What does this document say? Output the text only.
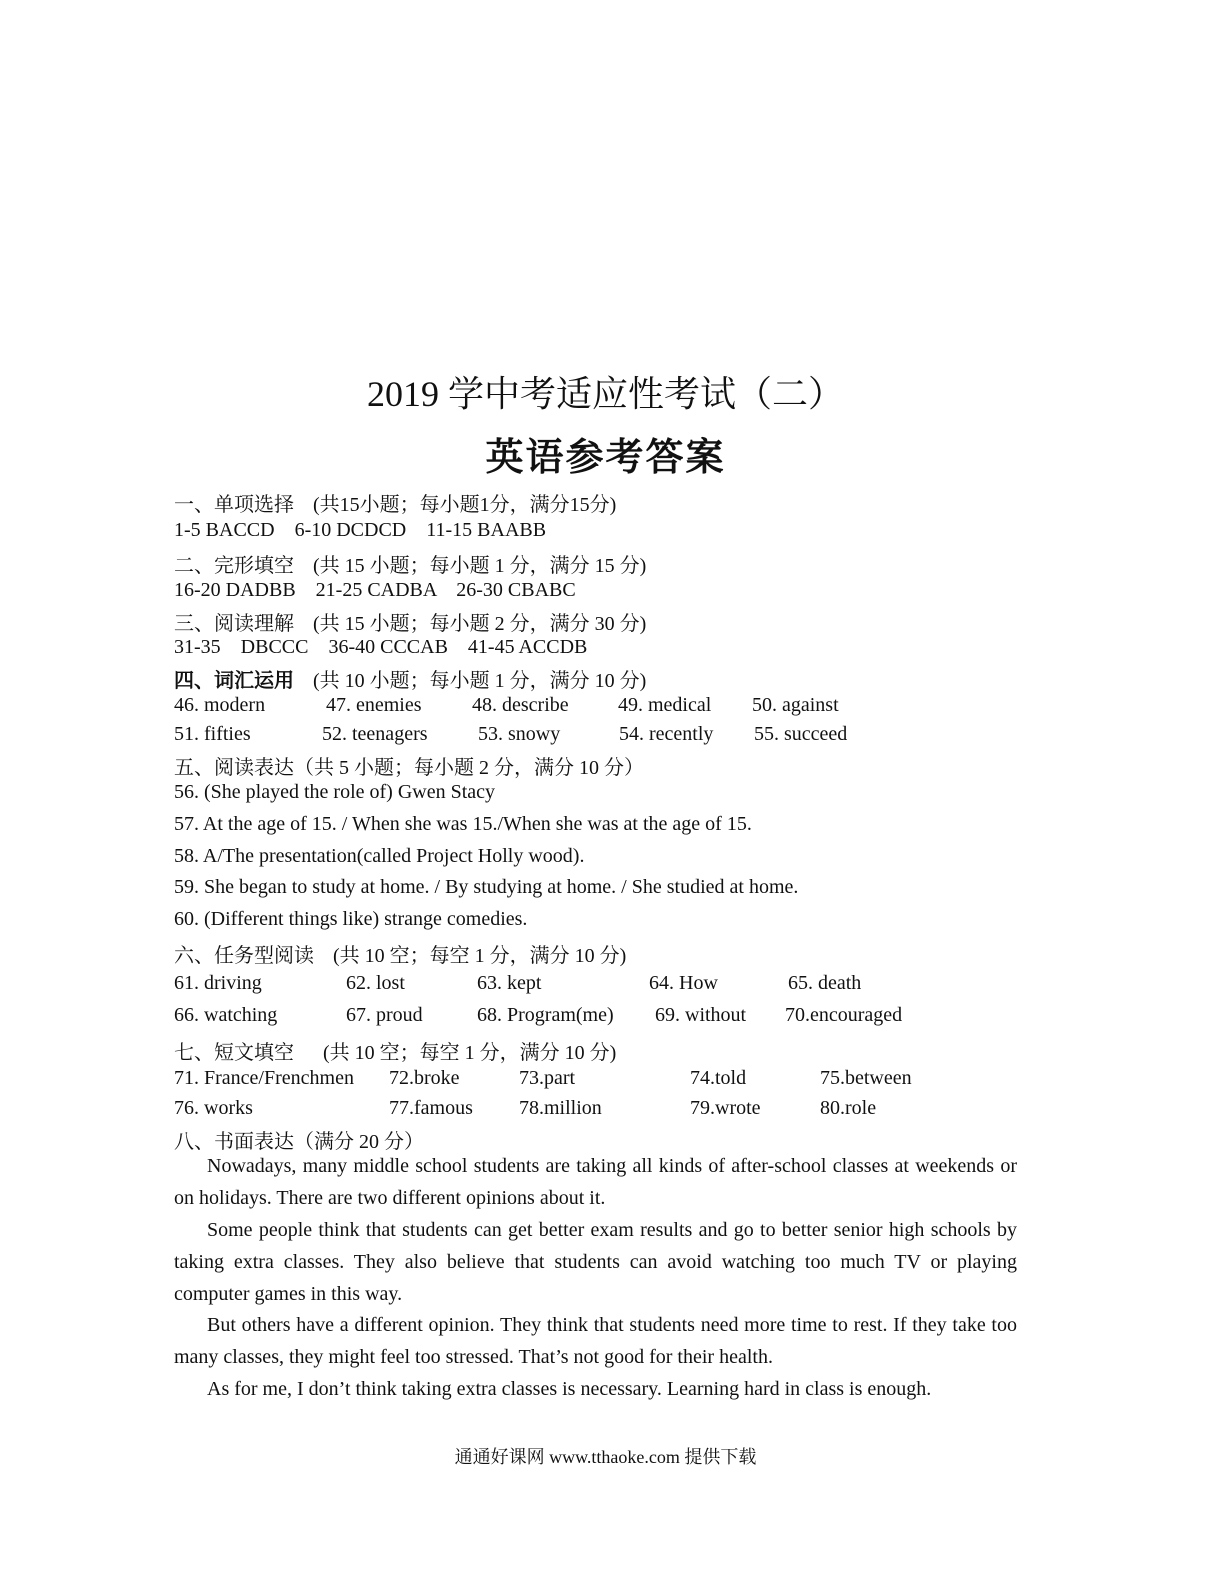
2019 学中考适应性考试（二）
英语参考答案
一、单项选择 (共15小题；每小题1分，满分15分)
1-5 BACCD    6-10 DCDCD    11-15 BAABB
二、完形填空 (共 15 小题；每小题 1 分，满分 15 分)
16-20 DADBB    21-25 CADBA    26-30 CBABC
三、阅读理解 (共 15 小题；每小题 2 分，满分 30 分)
31-35    DBCCC    36-40 CCCAB    41-45 ACCDB
四、词汇运用 (共 10 小题；每小题 1 分，满分 10 分)
46. modern	47. enemies	48. describe 49. medical 50. against
51. fifties	52. teenagers	53. snowy	54. recently 55. succeed
五、阅读表达（共 5 小题；每小题 2 分，满分 10 分）
56. (She played the role of) Gwen Stacy
57. At the age of 15. / When she was 15./When she was at the age of 15.
58. A/The presentation(called Project Holly wood).
59. She began to study at home. / By studying at home. / She studied at home.
60. (Different things like) strange comedies.
六、任务型阅读 (共 10 空；每空 1 分，满分 10 分)
61. driving	62. lost	63. kept	64. How	65. death
66. watching	67. proud	68. Program(me) 69. without 70.encouraged
七、短文填空 (共 10 空；每空 1 分，满分 10 分)
71. France/Frenchmen 72.broke	73.part	74.told	75.between
76. works	77.famous 78.million	79.wrote	80.role
八、书面表达（满分 20 分）
Nowadays, many middle school students are taking all kinds of after-school classes at weekends or on holidays. There are two different opinions about it.
Some people think that students can get better exam results and go to better senior high schools by taking extra classes. They also believe that students can avoid watching too much TV or playing computer games in this way.
But others have a different opinion. They think that students need more time to rest. If they take too many classes, they might feel too stressed. That’s not good for their health.
As for me, I don’t think taking extra classes is necessary. Learning hard in class is enough.
通通好课网 www.tthaoke.com 提供下载
